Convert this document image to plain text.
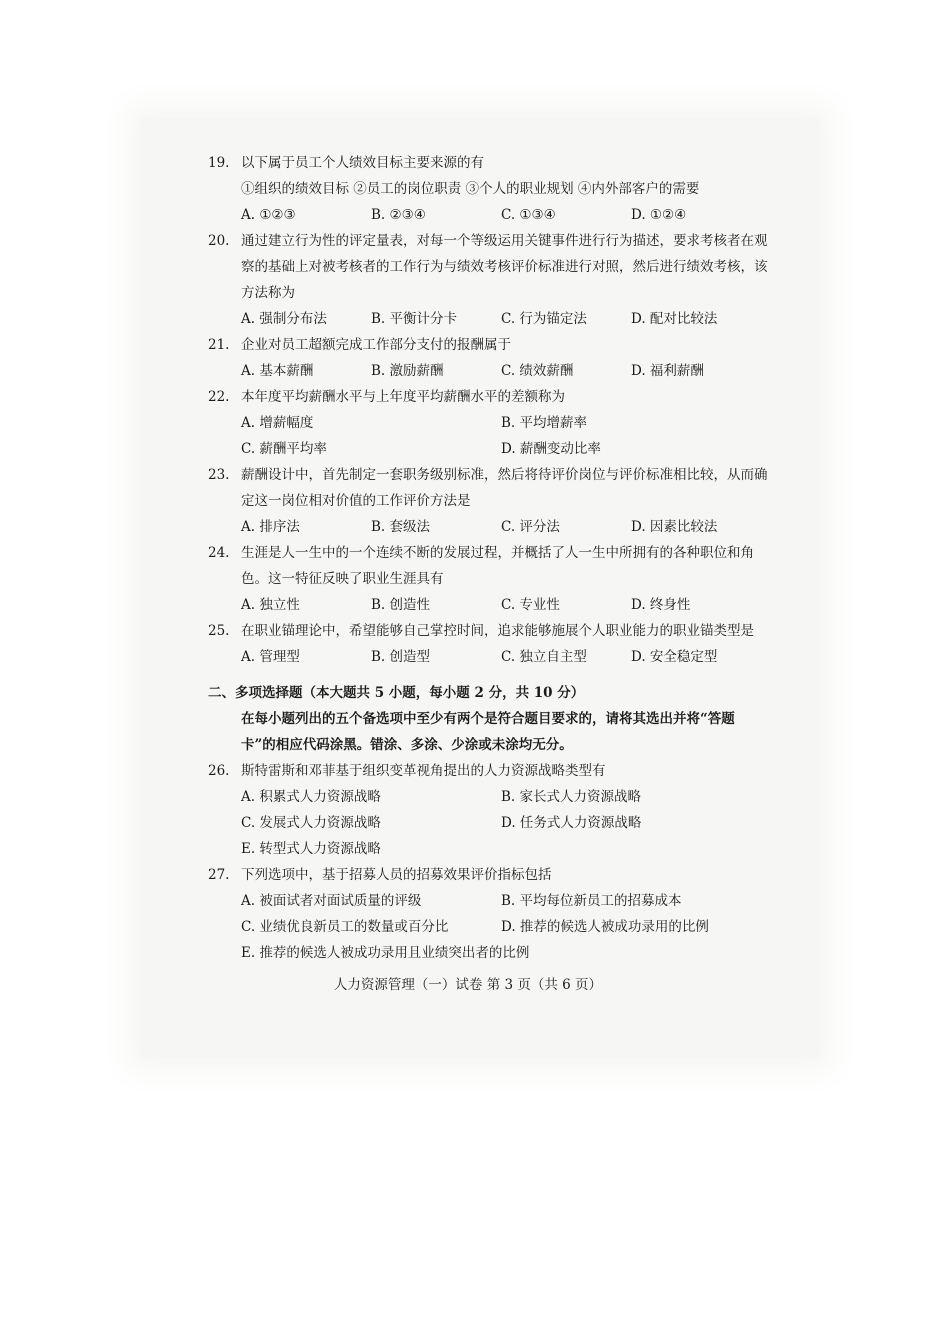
19. 以下属于员工个人绩效目标主要来源的有
①组织的绩效目标 ②员工的岗位职责 ③个人的职业规划 ④内外部客户的需要
A. ①②③	B. ②③④	C. ①③④	D. ①②④
20. 通过建立行为性的评定量表，对每一个等级运用关键事件进行行为描述，要求考核者在观察的基础上对被考核者的工作行为与绩效考核评价标准进行对照，然后进行绩效考核，该方法称为
A. 强制分布法	B. 平衡计分卡	C. 行为锚定法	D. 配对比较法
21. 企业对员工超额完成工作部分支付的报酬属于
A. 基本薪酬	B. 激励薪酬	C. 绩效薪酬	D. 福利薪酬
22. 本年度平均薪酬水平与上年度平均薪酬水平的差额称为
A. 增薪幅度	B. 平均增薪率
C. 薪酬平均率	D. 薪酬变动比率
23. 薪酬设计中，首先制定一套职务级别标准，然后将待评价岗位与评价标准相比较，从而确定这一岗位相对价值的工作评价方法是
A. 排序法	B. 套级法	C. 评分法	D. 因素比较法
24. 生涯是人一生中的一个连续不断的发展过程，并概括了人一生中所拥有的各种职位和角色。这一特征反映了职业生涯具有
A. 独立性	B. 创造性	C. 专业性	D. 终身性
25. 在职业锚理论中，希望能够自己掌控时间，追求能够施展个人职业能力的职业锚类型是
A. 管理型	B. 创造型	C. 独立自主型	D. 安全稳定型
二、多项选择题（本大题共 5 小题，每小题 2 分，共 10 分）
在每小题列出的五个备选项中至少有两个是符合题目要求的，请将其选出并将“答题卡”的相应代码涂黑。错涂、多涂、少涂或未涂均无分。
26. 斯特雷斯和邓菲基于组织变革视角提出的人力资源战略类型有
A. 积累式人力资源战略	B. 家长式人力资源战略
C. 发展式人力资源战略	D. 任务式人力资源战略
E. 转型式人力资源战略
27. 下列选项中，基于招募人员的招募效果评价指标包括
A. 被面试者对面试质量的评级	B. 平均每位新员工的招募成本
C. 业绩优良新员工的数量或百分比	D. 推荐的候选人被成功录用的比例
E. 推荐的候选人被成功录用且业绩突出者的比例
人力资源管理（一）试卷 第 3 页（共 6 页）
